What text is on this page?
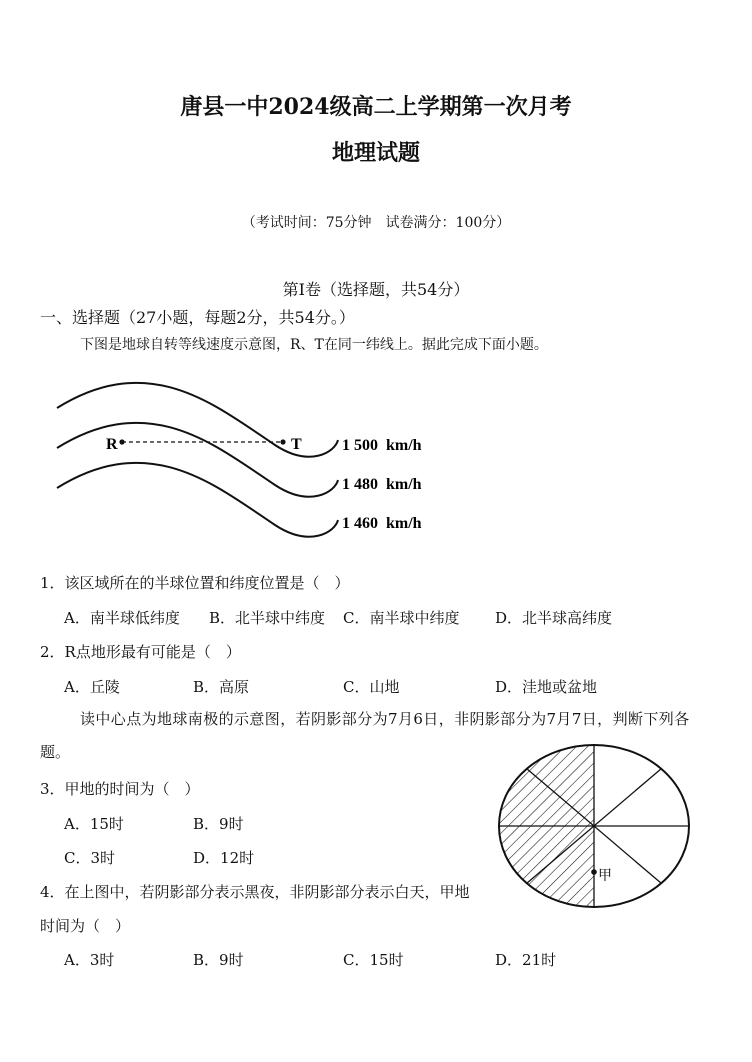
唐县一中2024级高二上学期第一次月考
地理试题
（考试时间：75分钟　试卷满分：100分）
第I卷（选择题，共54分）
一、选择题（27小题，每题2分，共54分。）
下图是地球自转等线速度示意图，R、T在同一纬线上。据此完成下面小题。
R	T	1 500  km/h
1 480  km/h
1 460  km/h
1．该区域所在的半球位置和纬度位置是（　）
A．南半球低纬度 B．北半球中纬度 C．南半球中纬度 D．北半球高纬度
2．R点地形最有可能是（　）
A．丘陵	B．高原	C．山地	D．洼地或盆地
读中心点为地球南极的示意图，若阴影部分为7月6日，非阴影部分为7月7日，判断下列各
题。
甲
3．甲地的时间为（　）
A．15时	B．9时
C．3时	D．12时
4．在上图中，若阴影部分表示黑夜，非阴影部分表示白天，甲地
时间为（　）
A．3时	B．9时	C．15时	D．21时
